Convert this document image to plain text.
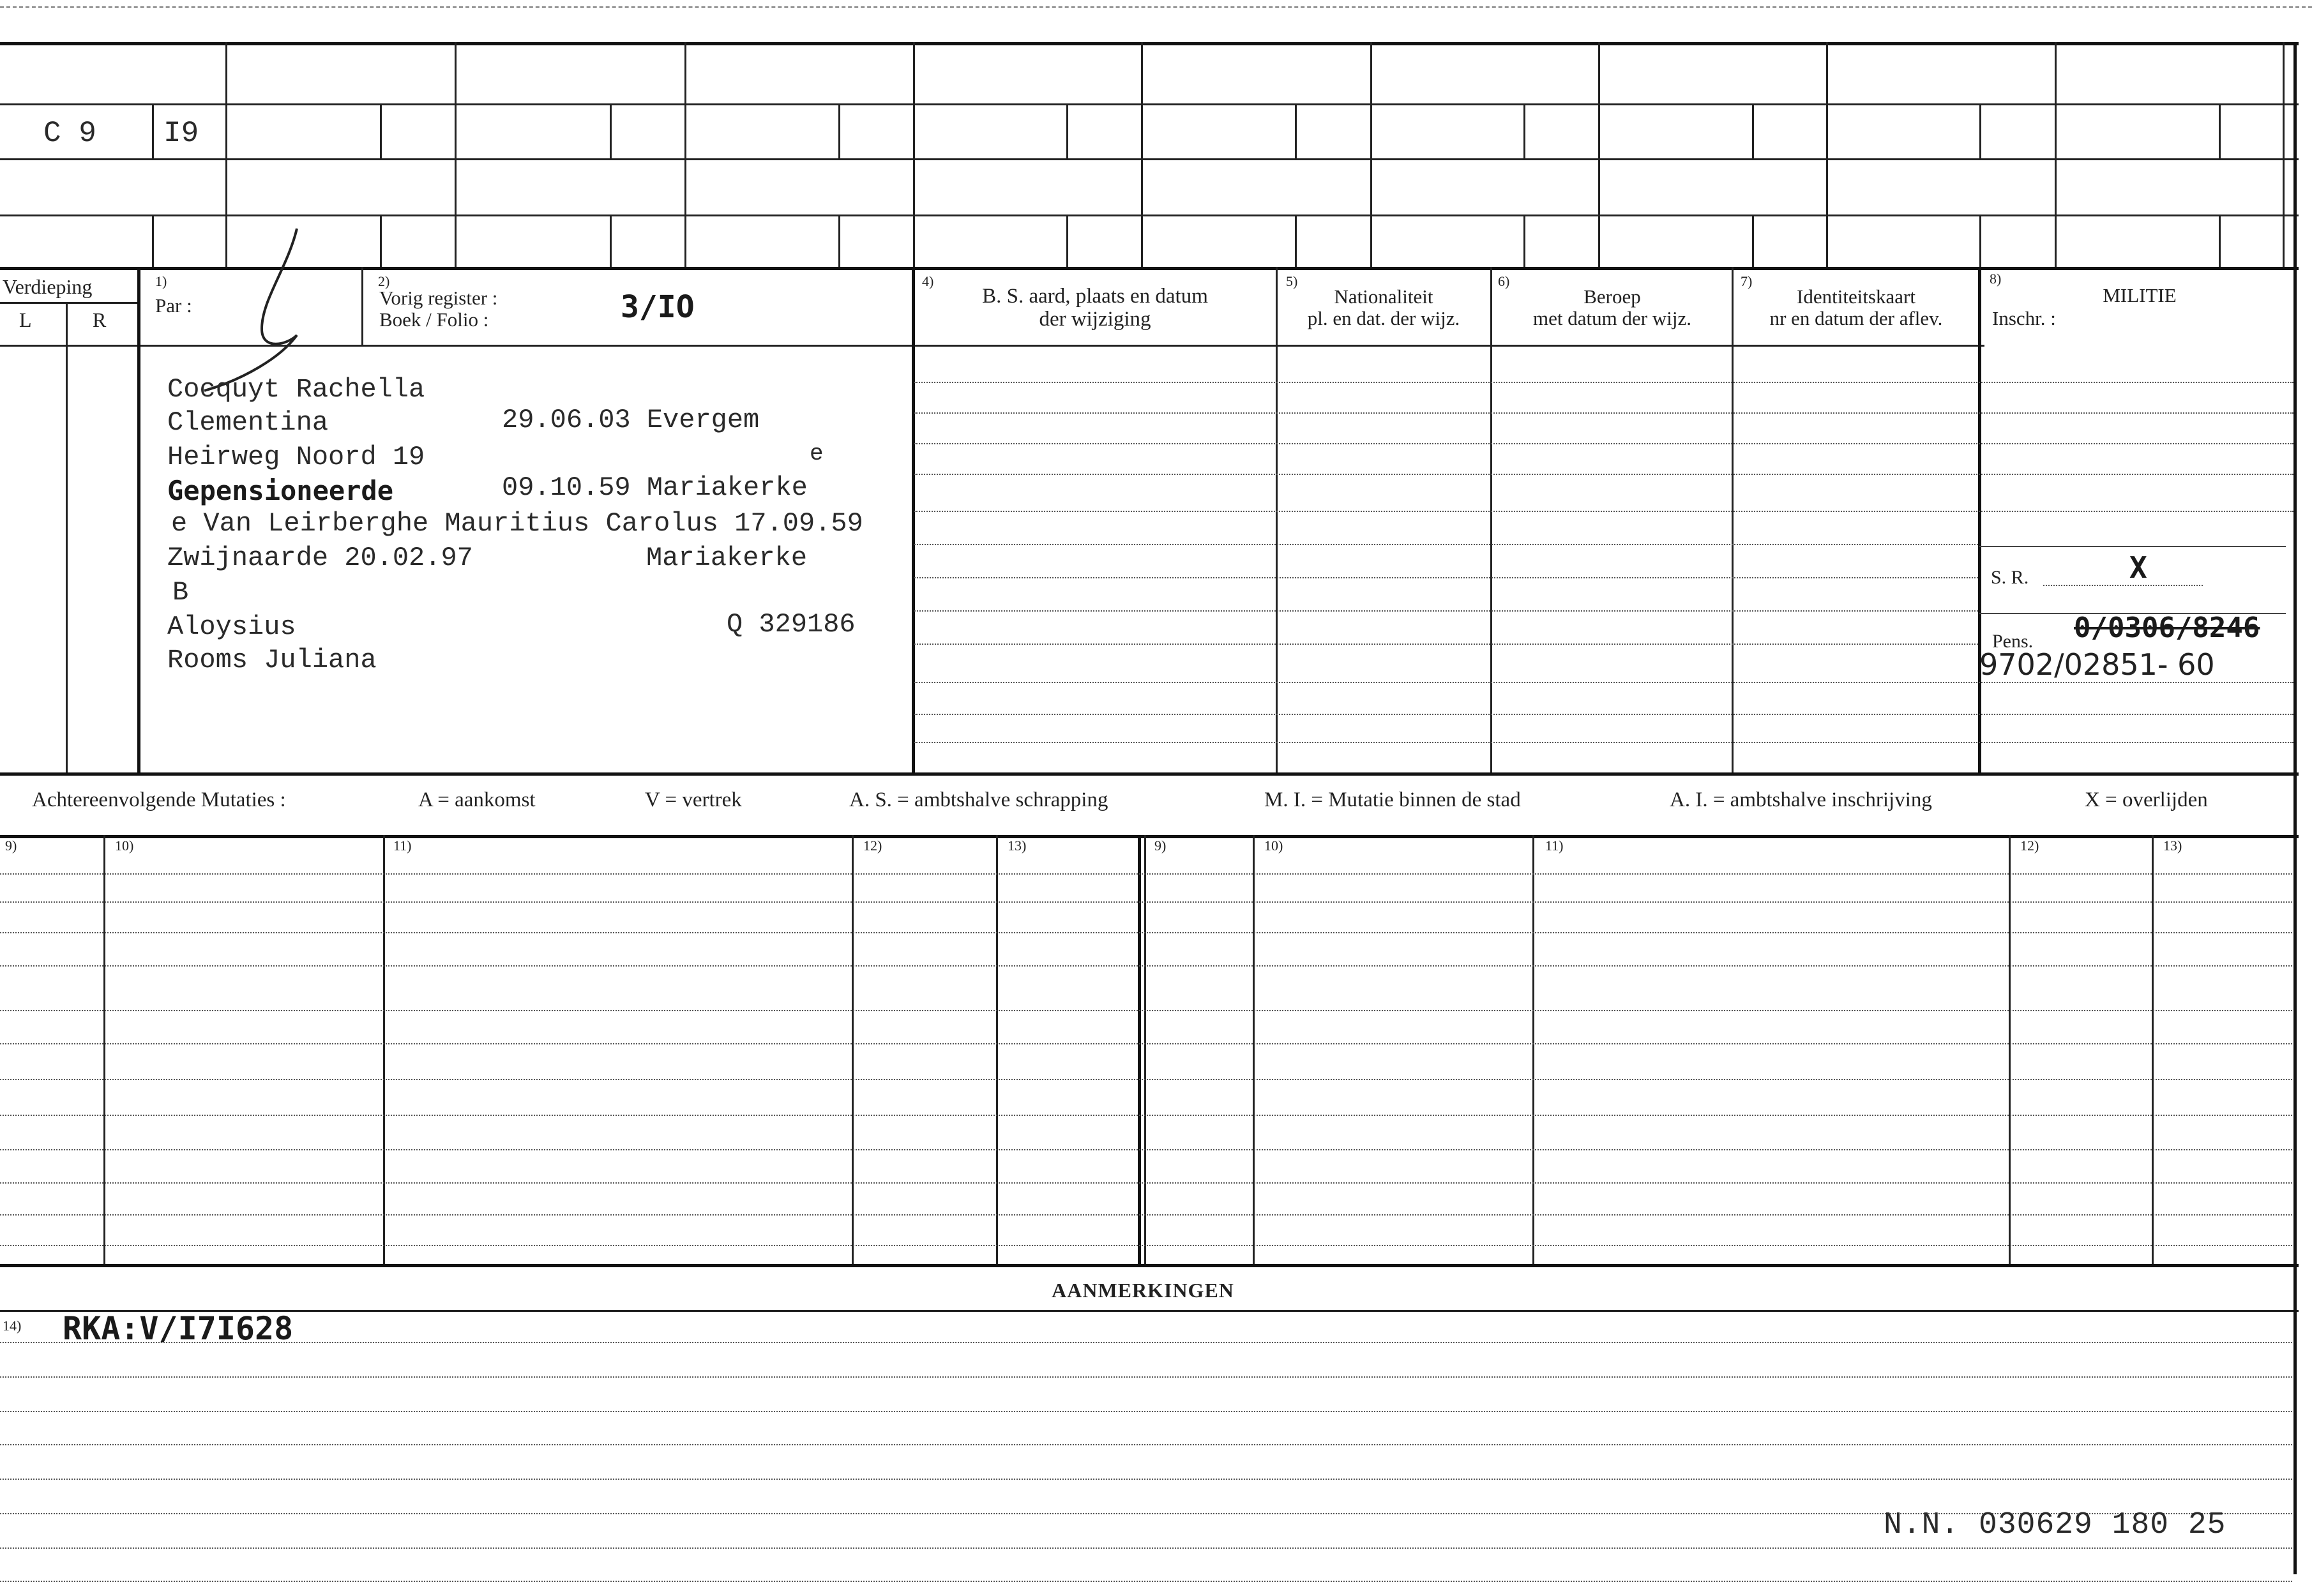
C 9 I9
Verdieping
L	R
1)
Par :
2)
Vorig register :
Boek / Folio :	3/IO
4)
B. S. aard, plaats en datum
der wijziging
5)
Nationaliteit
pl. en dat. der wijz.
6)
Beroep
met datum der wijz.
7)
Identiteitskaart
nr en datum der aflev.
8)
MILITIE
Inschr. :
Cocquyt Rachella
Clementina	29.06.03 Evergem
Heirweg Noord 19	e
Gepensioneerde	09.10.59 Mariakerke
e Van Leirberghe Mauritius Carolus 17.09.59
Zwijnaarde 20.02.97	Mariakerke
B
Aloysius	Q 329186
Rooms Juliana
S. R.	X
Pens. 0/0306/8246
9702/02851- 60
Achtereenvolgende Mutaties :	A = aankomst	V = vertrek	A. S. = ambtshalve schrapping	M. I. = Mutatie binnen de stad	A. I. = ambtshalve inschrijving	X = overlijden
9)	10)	11)	12)	13)	9)	10)	11)	12)	13)
AANMERKINGEN
14) RKA:V/I7I628
N.N. 030629 180 25
